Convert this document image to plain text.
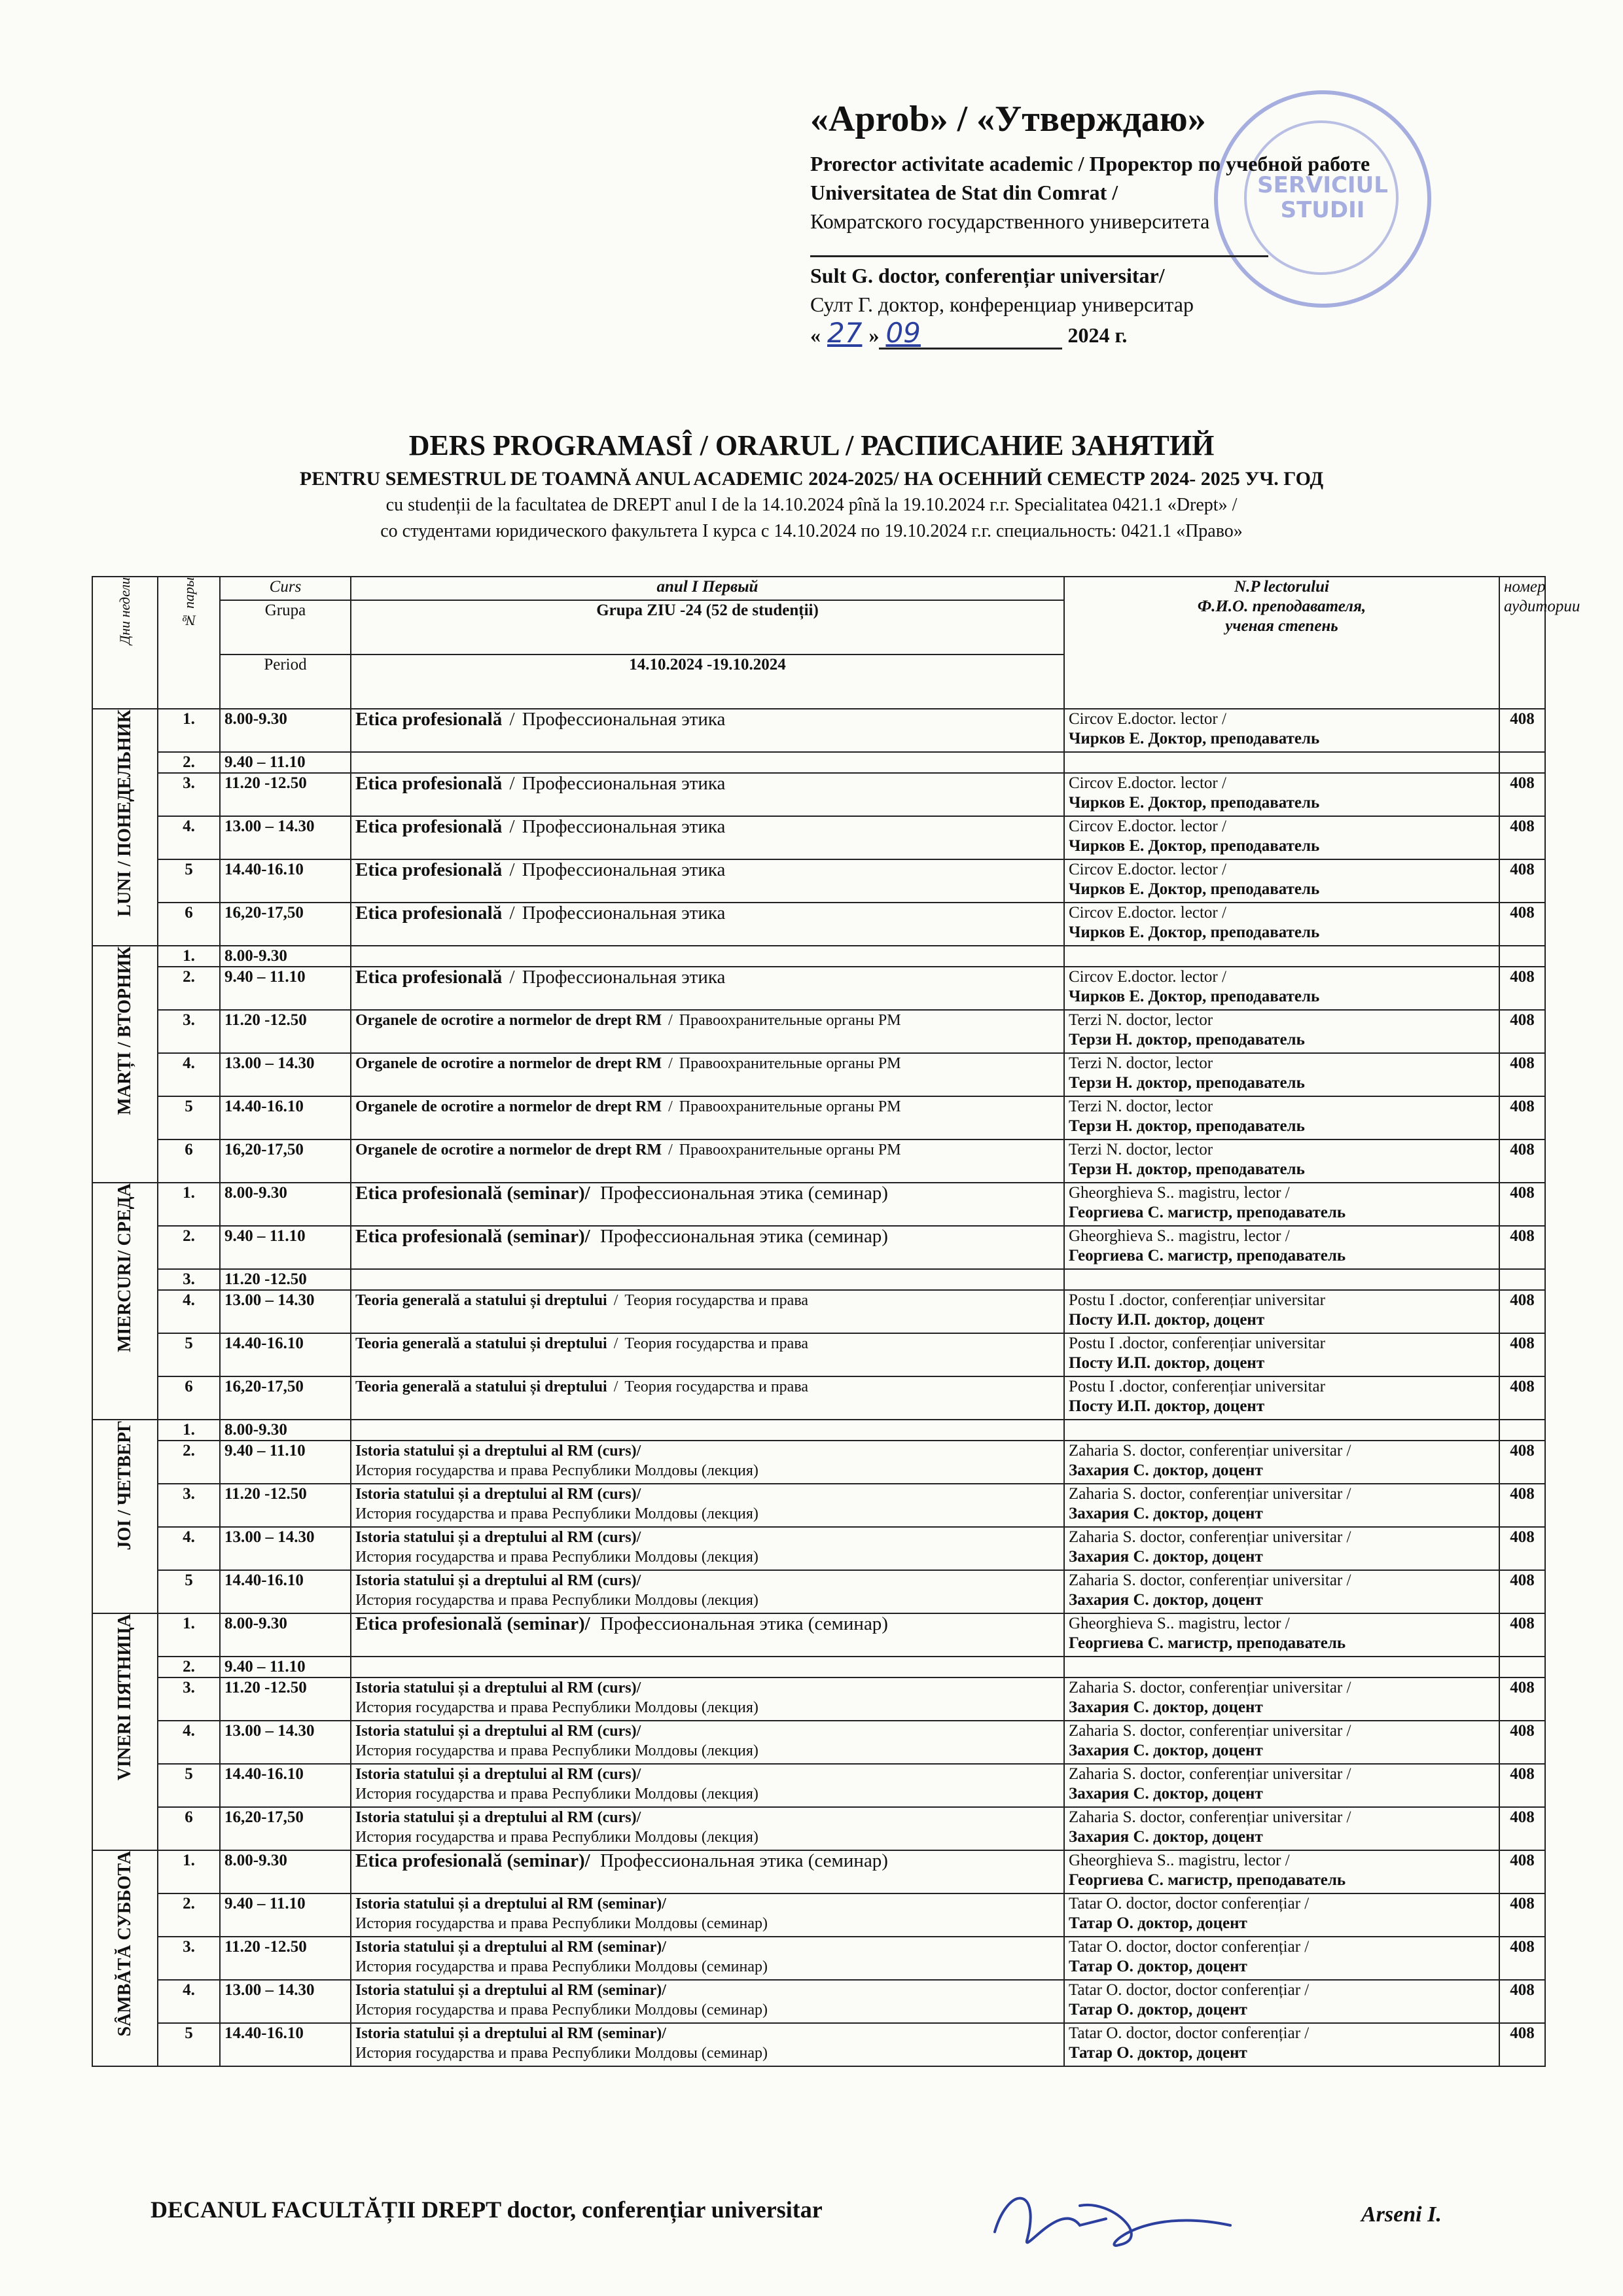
SERVICIUL STUDII
«Aprob» / «Утверждаю»
Prorector activitate academic / Проректор по учебной работе
Universitatea de Stat din Comrat /
Комратского государственного университета
Sult G. doctor, conferențiar universitar/
Султ Г. доктор, конференциар университар
« 27 » 09	2024 г.
DERS PROGRAMASÎ / ORARUL / РАСПИСАНИЕ ЗАНЯТИЙ
PENTRU SEMESTRUL DE TOAMNĂ ANUL ACADEMIC 2024-2025/ НА ОСЕННИЙ СЕМЕСТР 2024- 2025 УЧ. ГОД
cu studenții de la facultatea de DREPT anul I de la 14.10.2024 pînă la 19.10.2024 г.г. Specialitatea 0421.1 «Drept» /
со студентами юридического факультета I курса с 14.10.2024 по 19.10.2024 г.г. специальность: 0421.1 «Право»
Дни недели	№ пары	Curs	anul I Первый	N.P lectorului
Ф.И.О. преподавателя,
ученая степень	номер аудитории
		Grupa	Grupa ZIU -24 (52 de studenții)		
		Period	14.10.2024 -19.10.2024		

LUNI / ПОНЕДЕЛЬНИК	1.	8.00-9.30	Etica profesională / Профессиональная этика	Circov E.doctor. lector /
Чирков Е. Доктор, преподаватель	408
	2.	9.40 – 11.10			
	3.	11.20 -12.50	Etica profesională / Профессиональная этика	Circov E.doctor. lector /
Чирков Е. Доктор, преподаватель	408
	4.	13.00 – 14.30	Etica profesională / Профессиональная этика	Circov E.doctor. lector /
Чирков Е. Доктор, преподаватель	408
	5	14.40-16.10	Etica profesională / Профессиональная этика	Circov E.doctor. lector /
Чирков Е. Доктор, преподаватель	408
	6	16,20-17,50	Etica profesională / Профессиональная этика	Circov E.doctor. lector /
Чирков Е. Доктор, преподаватель	408

MARȚI / ВТОРНИК	1.	8.00-9.30			
	2.	9.40 – 11.10	Etica profesională / Профессиональная этика	Circov E.doctor. lector /
Чирков Е. Доктор, преподаватель	408
	3.	11.20 -12.50	Organele de ocrotire a normelor de drept RM / Правоохранительные органы РМ	Terzi N. doctor, lector
Терзи Н. доктор, преподаватель	408
	4.	13.00 – 14.30	Organele de ocrotire a normelor de drept RM / Правоохранительные органы РМ	Terzi N. doctor, lector
Терзи Н. доктор, преподаватель	408
	5	14.40-16.10	Organele de ocrotire a normelor de drept RM / Правоохранительные органы РМ	Terzi N. doctor, lector
Терзи Н. доктор, преподаватель	408
	6	16,20-17,50	Organele de ocrotire a normelor de drept RM / Правоохранительные органы РМ	Terzi N. doctor, lector
Терзи Н. доктор, преподаватель	408

MIERCURI/ СРЕДА	1.	8.00-9.30	Etica profesională (seminar)/ Профессиональная этика (семинар)	Gheorghieva S.. magistru, lector /
Георгиева С. магистр, преподаватель	408
	2.	9.40 – 11.10	Etica profesională (seminar)/ Профессиональная этика (семинар)	Gheorghieva S.. magistru, lector /
Георгиева С. магистр, преподаватель	408
	3.	11.20 -12.50			
	4.	13.00 – 14.30	Teoria generală a statului și dreptului / Теория государства и права	Postu I .doctor, conferențiar universitar
Посту И.П. доктор, доцент	408
	5	14.40-16.10	Teoria generală a statului și dreptului / Теория государства и права	Postu I .doctor, conferențiar universitar
Посту И.П. доктор, доцент	408
	6	16,20-17,50	Teoria generală a statului și dreptului / Теория государства и права	Postu I .doctor, conferențiar universitar
Посту И.П. доктор, доцент	408

JOI / ЧЕТВЕРГ	1.	8.00-9.30			
	2.	9.40 – 11.10	Istoria statului și a dreptului al RM (curs)/
История государства и права Республики Молдовы (лекция)	Zaharia S. doctor, conferențiar universitar /
Захария С. доктор, доцент	408
	3.	11.20 -12.50	Istoria statului și a dreptului al RM (curs)/
История государства и права Республики Молдовы (лекция)	Zaharia S. doctor, conferențiar universitar /
Захария С. доктор, доцент	408
	4.	13.00 – 14.30	Istoria statului și a dreptului al RM (curs)/
История государства и права Республики Молдовы (лекция)	Zaharia S. doctor, conferențiar universitar /
Захария С. доктор, доцент	408
	5	14.40-16.10	Istoria statului și a dreptului al RM (curs)/
История государства и права Республики Молдовы (лекция)	Zaharia S. doctor, conferențiar universitar /
Захария С. доктор, доцент	408

VINERI ПЯТНИЦА	1.	8.00-9.30	Etica profesională (seminar)/ Профессиональная этика (семинар)	Gheorghieva S.. magistru, lector /
Георгиева С. магистр, преподаватель	408
	2.	9.40 – 11.10			
	3.	11.20 -12.50	Istoria statului și a dreptului al RM (curs)/
История государства и права Республики Молдовы (лекция)	Zaharia S. doctor, conferențiar universitar /
Захария С. доктор, доцент	408
	4.	13.00 – 14.30	Istoria statului și a dreptului al RM (curs)/
История государства и права Республики Молдовы (лекция)	Zaharia S. doctor, conferențiar universitar /
Захария С. доктор, доцент	408
	5	14.40-16.10	Istoria statului și a dreptului al RM (curs)/
История государства и права Республики Молдовы (лекция)	Zaharia S. doctor, conferențiar universitar /
Захария С. доктор, доцент	408
	6	16,20-17,50	Istoria statului și a dreptului al RM (curs)/
История государства и права Республики Молдовы (лекция)	Zaharia S. doctor, conferențiar universitar /
Захария С. доктор, доцент	408

SÂMBĂTĂ СУББОТА	1.	8.00-9.30	Etica profesională (seminar)/ Профессиональная этика (семинар)	Gheorghieva S.. magistru, lector /
Георгиева С. магистр, преподаватель	408
	2.	9.40 – 11.10	Istoria statului și a dreptului al RM (seminar)/
История государства и права Республики Молдовы (семинар)	Tatar O. doctor, doctor conferențiar /
Татар О. доктор, доцент	408
	3.	11.20 -12.50	Istoria statului și a dreptului al RM (seminar)/
История государства и права Республики Молдовы (семинар)	Tatar O. doctor, doctor conferențiar /
Татар О. доктор, доцент	408
	4.	13.00 – 14.30	Istoria statului și a dreptului al RM (seminar)/
История государства и права Республики Молдовы (семинар)	Tatar O. doctor, doctor conferențiar /
Татар О. доктор, доцент	408
	5	14.40-16.10	Istoria statului și a dreptului al RM (seminar)/
История государства и права Республики Молдовы (семинар)	Tatar O. doctor, doctor conferențiar /
Татар О. доктор, доцент	408
DECANUL FACULTĂȚII DREPT doctor, conferențiar universitar	Arseni I.
